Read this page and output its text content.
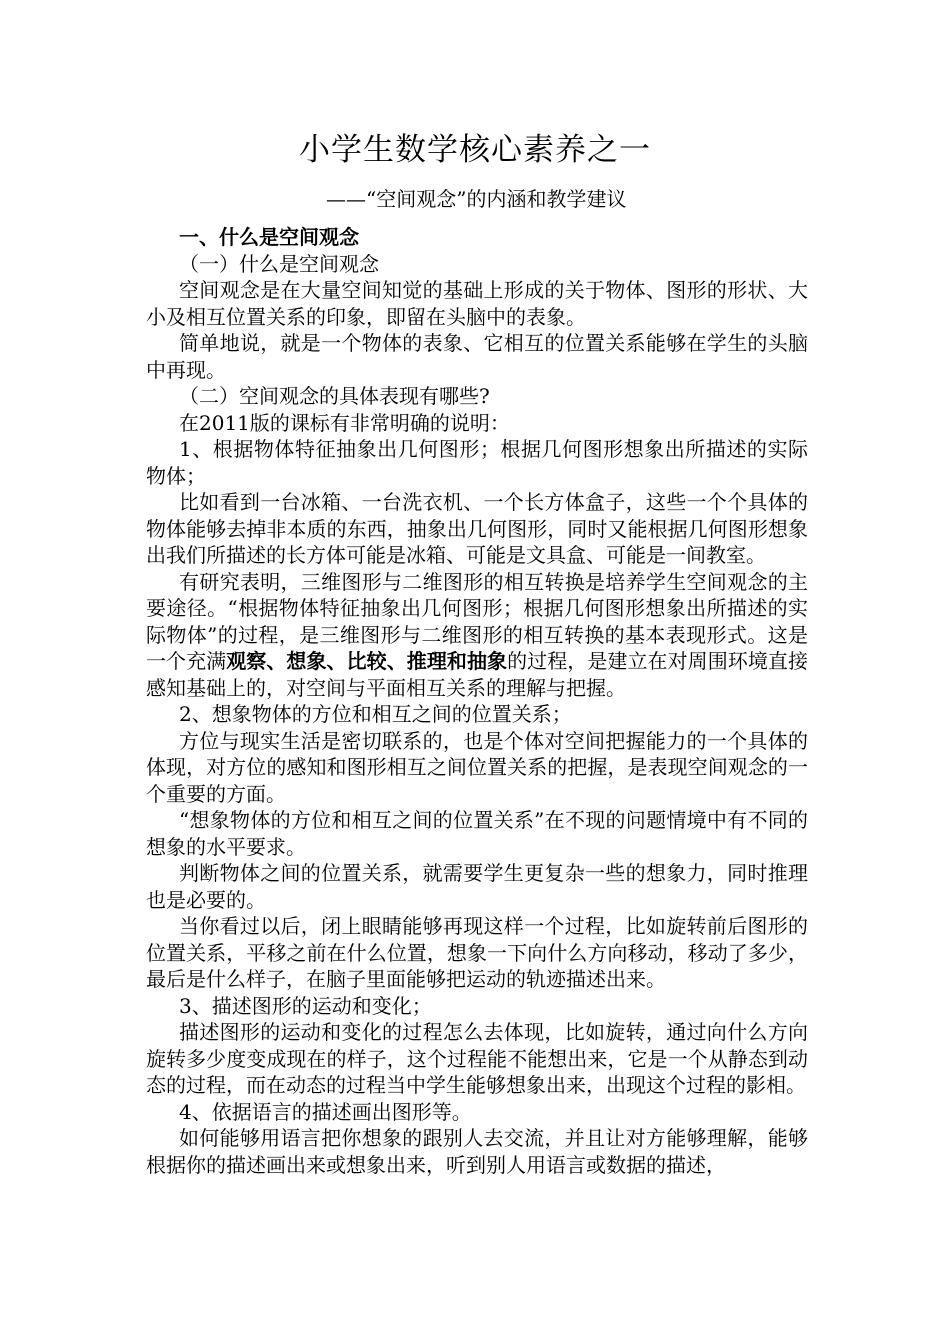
小学生数学核心素养之一
——“空间观念”的内涵和教学建议

一、什么是空间观念

（一）什么是空间观念

空间观念是在大量空间知觉的基础上形成的关于物体、图形的形状、大小及相互位置关系的印象，即留在头脑中的表象。

简单地说，就是一个物体的表象、它相互的位置关系能够在学生的头脑中再现。

（二）空间观念的具体表现有哪些?

在2011版的课标有非常明确的说明：

1、根据物体特征抽象出几何图形；根据几何图形想象出所描述的实际物体；

比如看到一台冰箱、一台洗衣机、一个长方体盒子，这些一个个具体的物体能够去掉非本质的东西，抽象出几何图形，同时又能根据几何图形想象出我们所描述的长方体可能是冰箱、可能是文具盒、可能是一间教室。

有研究表明，三维图形与二维图形的相互转换是培养学生空间观念的主要途径。“根据物体特征抽象出几何图形；根据几何图形想象出所描述的实际物体”的过程，是三维图形与二维图形的相互转换的基本表现形式。这是一个充满观察、想象、比较、推理和抽象的过程，是建立在对周围环境直接感知基础上的，对空间与平面相互关系的理解与把握。

2、想象物体的方位和相互之间的位置关系；

方位与现实生活是密切联系的，也是个体对空间把握能力的一个具体的体现，对方位的感知和图形相互之间位置关系的把握，是表现空间观念的一个重要的方面。

“想象物体的方位和相互之间的位置关系”在不现的问题情境中有不同的想象的水平要求。

判断物体之间的位置关系，就需要学生更复杂一些的想象力，同时推理也是必要的。

当你看过以后，闭上眼睛能够再现这样一个过程，比如旋转前后图形的位置关系，平移之前在什么位置，想象一下向什么方向移动，移动了多少，最后是什么样子，在脑子里面能够把运动的轨迹描述出来。

3、描述图形的运动和变化；

描述图形的运动和变化的过程怎么去体现，比如旋转，通过向什么方向旋转多少度变成现在的样子，这个过程能不能想出来，它是一个从静态到动态的过程，而在动态的过程当中学生能够想象出来，出现这个过程的影相。

4、依据语言的描述画出图形等。

如何能够用语言把你想象的跟别人去交流，并且让对方能够理解，能够根据你的描述画出来或想象出来，听到别人用语言或数据的描述，
